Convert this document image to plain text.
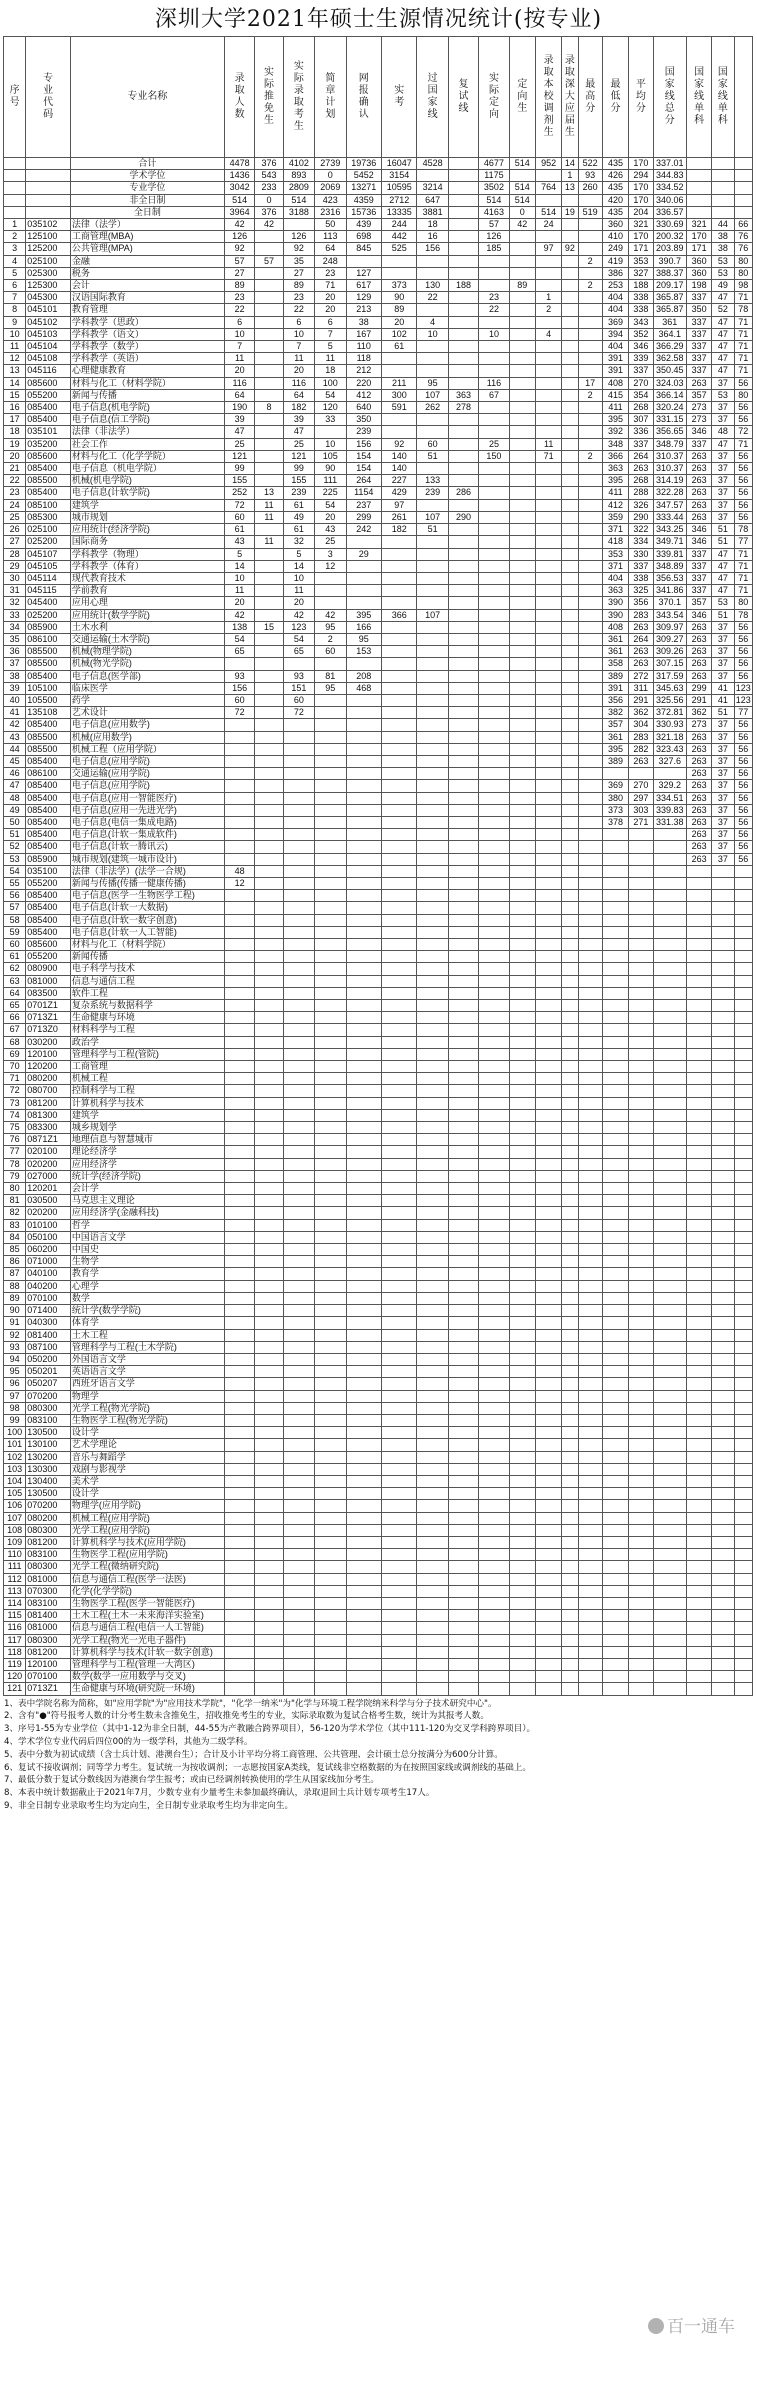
深圳大学2021年硕士生源情况统计(按专业)
序号	专业代码	专业名称	录取人数	实际推免生	实际录取考生	简章计划	网报确认	实考	过国家线	复试线	实际定向	定向生	录取本校调剂生	录取深大应届生	最高分	最低分	平均分	国家线总分	国家线单科	国家线单科	
		合计	4478	376	4102	2739	19736	16047	4528		4677	514	952	14	522	435	170	337.01			
		学术学位	1436	543	893	0	5452	3154			1175			1	93	426	294	344.83			
		专业学位	3042	233	2809	2069	13271	10595	3214		3502	514	764	13	260	435	170	334.52			
		非全日制	514	0	514	423	4359	2712	647		514	514				420	170	340.06			
		全日制	3964	376	3188	2316	15736	13335	3881		4163	0	514	19	519	435	204	336.57			
1	035102	法律（法学）	42	42		50	439	244	18		57	42	24			360	321	330.69	321	44	66
2	125100	工商管理(MBA)	126		126	113	698	442	16		126					410	170	200.32	170	38	76
3	125200	公共管理(MPA)	92		92	64	845	525	156		185		97	92		249	171	203.89	171	38	76
4	025100	金融	57	57	35	248									2	419	353	390.7	360	53	80
5	025300	税务	27		27	23	127									386	327	388.37	360	53	80
6	125300	会计	89		89	71	617	373	130	188		89			2	253	188	209.17	198	49	98
7	045300	汉语国际教育	23		23	20	129	90	22		23		1			404	338	365.87	337	47	71
8	045101	教育管理	22		22	20	213	89			22		2			404	338	365.87	350	52	78
9	045102	学科教学（思政）	6		6	6	38	20	4							369	343	361	337	47	71
10	045103	学科教学（语文）	10		10	7	167	102	10		10		4			394	352	364.1	337	47	71
11	045104	学科教学（数学）	7		7	5	110	61								404	346	366.29	337	47	71
12	045108	学科教学（英语）	11		11	11	118									391	339	362.58	337	47	71
13	045116	心理健康教育	20		20	18	212									391	337	350.45	337	47	71
14	085600	材料与化工（材料学院）	116		116	100	220	211	95		116				17	408	270	324.03	263	37	56
15	055200	新闻与传播	64		64	54	412	300	107	363	67				2	415	354	366.14	357	53	80
16	085400	电子信息(机电学院)	190	8	182	120	640	591	262	278						411	268	320.24	273	37	56
17	085400	电子信息(信工学院)	39		39	33	350									395	307	331.15	273	37	56
18	035101	法律（非法学）	47		47		239									392	336	356.65	346	48	72
19	035200	社会工作	25		25	10	156	92	60		25		11			348	337	348.79	337	47	71
20	085600	材料与化工（化学学院）	121		121	105	154	140	51		150		71		2	366	264	310.37	263	37	56
21	085400	电子信息（机电学院）	99		99	90	154	140								363	263	310.37	263	37	56
22	085500	机械(机电学院)	155		155	111	264	227	133							395	268	314.19	263	37	56
23	085400	电子信息(计软学院)	252	13	239	225	1154	429	239	286						411	288	322.28	263	37	56
24	085100	建筑学	72	11	61	54	237	97								412	326	347.57	263	37	56
25	085300	城市规划	60	11	49	20	299	261	107	290						359	290	333.44	263	37	56
26	025100	应用统计(经济学院)	61		61	43	242	182	51							371	322	343.25	346	51	78
27	025200	国际商务	43	11	32	25										418	334	349.71	346	51	77
28	045107	学科教学（物理）	5		5	3	29									353	330	339.81	337	47	71
29	045105	学科教学（体育）	14		14	12										371	337	348.89	337	47	71
30	045114	现代教育技术	10		10											404	338	356.53	337	47	71
31	045115	学前教育	11		11											363	325	341.86	337	47	71
32	045400	应用心理	20		20											390	356	370.1	357	53	80
33	025200	应用统计(数学学院)	42		42	42	395	366	107							390	283	343.54	346	51	78
34	085900	土木水利	138	15	123	95	166									408	263	309.97	263	37	56
35	086100	交通运输(土木学院)	54		54	2	95									361	264	309.27	263	37	56
36	085500	机械(物理学院)	65		65	60	153									361	263	309.26	263	37	56
37	085500	机械(物光学院)														358	263	307.15	263	37	56
38	085400	电子信息(医学部)	93		93	81	208									389	272	317.59	263	37	56
39	105100	临床医学	156		151	95	468									391	311	345.63	299	41	123
40	105500	药学	60		60											356	291	325.56	291	41	123
41	135108	艺术设计	72		72											382	362	372.81	362	51	77
42	085400	电子信息(应用数学)														357	304	330.93	273	37	56
43	085500	机械(应用数学)														361	283	321.18	263	37	56
44	085500	机械工程（应用学院）														395	282	323.43	263	37	56
45	085400	电子信息(应用学院)														389	263	327.6	263	37	56
46	086100	交通运输(应用学院)																	263	37	56
47	085400	电子信息(应用学院)														369	270	329.2	263	37	56
48	085400	电子信息(应用一智能医疗)														380	297	334.51	263	37	56
49	085400	电子信息(应用一先进光学)														373	303	339.83	263	37	56
50	085400	电子信息(电信一集成电路)														378	271	331.38	263	37	56
51	085400	电子信息(计软一集成软件)																	263	37	56
52	085400	电子信息(计软一腾讯云)																	263	37	56
53	085900	城市规划(建筑一城市设计)																	263	37	56
54	035100	法律（非法学）(法学一合规)	48																		
55	055200	新闻与传播(传播一健康传播)	12																		
56	085400	电子信息(医学一生物医学工程)																			
57	085400	电子信息(计软一大数据)																			
58	085400	电子信息(计软一数字创意)																			
59	085400	电子信息(计软一人工智能)																			
60	085600	材料与化工（材料学院）																			
61	055200	新闻传播																			
62	080900	电子科学与技术																			
63	081000	信息与通信工程																			
64	083500	软件工程																			
65	0701Z1	复杂系统与数据科学																			
66	0713Z1	生命健康与环境																			
67	0713Z0	材料科学与工程																			
68	030200	政治学																			
69	120100	管理科学与工程(管院)																			
70	120200	工商管理																			
71	080200	机械工程																			
72	080700	控制科学与工程																			
73	081200	计算机科学与技术																			
74	081300	建筑学																			
75	083300	城乡规划学																			
76	0871Z1	地理信息与智慧城市																			
77	020100	理论经济学																			
78	020200	应用经济学																			
79	027000	统计学(经济学院)																			
80	120201	会计学																			
81	030500	马克思主义理论																			
82	020200	应用经济学(金融科技)																			
83	010100	哲学																			
84	050100	中国语言文学																			
85	060200	中国史																			
86	071000	生物学																			
87	040100	教育学																			
88	040200	心理学																			
89	070100	数学																			
90	071400	统计学(数学学院)																			
91	040300	体育学																			
92	081400	土木工程																			
93	087100	管理科学与工程(土木学院)																			
94	050200	外国语言文学																			
95	050201	英语语言文学																			
96	050207	西班牙语言文学																			
97	070200	物理学																			
98	080300	光学工程(物光学院)																			
99	083100	生物医学工程(物光学院)																			
100	130500	设计学																			
101	130100	艺术学理论																			
102	130200	音乐与舞蹈学																			
103	130300	戏剧与影视学																			
104	130400	美术学																			
105	130500	设计学																			
106	070200	物理学(应用学院)																			
107	080200	机械工程(应用学院)																			
108	080300	光学工程(应用学院)																			
109	081200	计算机科学与技术(应用学院)																			
110	083100	生物医学工程(应用学院)																			
111	080300	光学工程(微纳研究院)																			
112	081000	信息与通信工程(医学一法医)																			
113	070300	化学(化学学院)																			
114	083100	生物医学工程(医学一智能医疗)																			
115	081400	土木工程(土木一未来海洋实验室)																			
116	081000	信息与通信工程(电信一人工智能)																			
117	080300	光学工程(物光一光电子器件)																			
118	081200	计算机科学与技术(计软一数字创意)																			
119	120100	管理科学与工程(管理一大湾区)																			
120	070100	数学(数学一应用数学与交叉)																			
121	0713Z1	生命健康与环境(研究院一环境)																			
1、表中学院名称为简称，如"应用学院"为"应用技术学院"，"化学一纳米"为"化学与环境工程学院纳米科学与分子技术研究中心"。
2、含有"●"符号报考人数的计分考生数未含推免生，招收推免考生的专业，实际录取数为复试合格考生数，统计为其报考人数。
3、序号1-55为专业学位（其中1-12为非全日制，44-55为产教融合跨界项目），56-120为学术学位（其中111-120为交叉学科跨界项目）。
4、学术学位专业代码后四位00的为一级学科，其他为二级学科。
5、表中分数为初试成绩（含士兵计划、港澳台生）；合计及小计平均分将工商管理、公共管理、会计硕士总分按满分为600分计算。
6、复试不接收调剂；同等学力考生。复试统一为按收调剂；一志愿按国家A类线，复试线非空格数据的为在按照国家线或调剂线的基础上。
7、最低分数于复试分数线因为港澳台学生报考；或由已经调剂转换使用的学生从国家线加分考生。
8、本表中统计数据截止于2021年7月，少数专业有少量考生未参加最终确认，录取退回士兵计划专项考生17人。
9、非全日制专业录取考生均为定向生，全日制专业录取考生均为非定向生。
百一通车
